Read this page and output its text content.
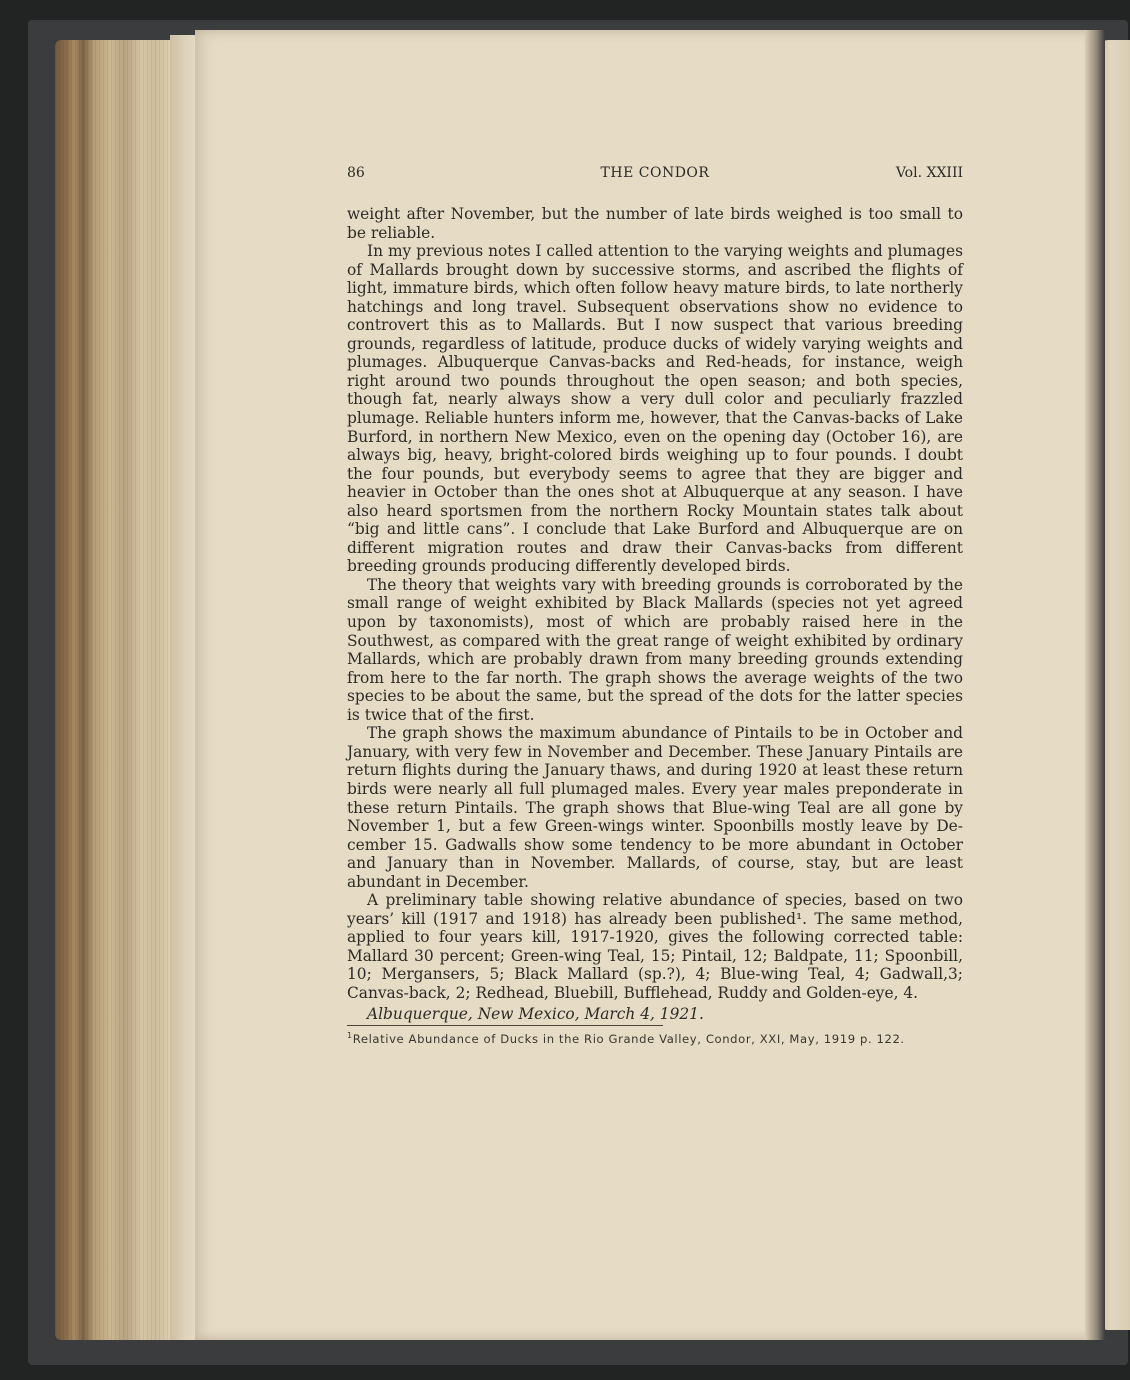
86	THE CONDOR	Vol. XXIII

weight after November, but the number of late birds weighed is too small to be reliable.

In my previous notes I called attention to the varying weights and plumages of Mallards brought down by successive storms, and ascribed the flights of light, immature birds, which often follow heavy mature birds, to late northerly hatchings and long travel. Subsequent observations show no evidence to controvert this as to Mallards. But I now suspect that various breeding grounds, regardless of latitude, produce ducks of widely varying weights and plumages. Albuquerque Canvas-backs and Red-heads, for instance, weigh right around two pounds throughout the open season; and both species, though fat, nearly always show a very dull color and peculiarly frazzled plumage. Reliable hunters inform me, however, that the Canvas-backs of Lake Burford, in northern New Mexico, even on the opening day (October 16), are always big, heavy, bright-colored birds weighing up to four pounds. I doubt the four pounds, but everybody seems to agree that they are bigger and heavier in October than the ones shot at Albuquerque at any season. I have also heard sportsmen from the northern Rocky Mountain states talk about “big and little cans”. I conclude that Lake Burford and Albuquerque are on different migration routes and draw their Canvas-backs from different breeding grounds producing differently developed birds.

The theory that weights vary with breeding grounds is corroborated by the small range of weight exhibited by Black Mallards (species not yet agreed upon by taxonomists), most of which are probably raised here in the Southwest, as compared with the great range of weight exhibited by ordinary Mallards, which are probably drawn from many breeding grounds extending from here to the far north. The graph shows the average weights of the two species to be about the same, but the spread of the dots for the latter species is twice that of the first.

The graph shows the maximum abundance of Pintails to be in October and January, with very few in November and December. These January Pintails are return flights during the January thaws, and during 1920 at least these return birds were nearly all full plumaged males. Every year males preponderate in these return Pintails. The graph shows that Blue-wing Teal are all gone by November 1, but a few Green-wings winter. Spoonbills mostly leave by December 15. Gadwalls show some tendency to be more abundant in October and January than in November. Mallards, of course, stay, but are least abundant in December.

A preliminary table showing relative abundance of species, based on two years’ kill (1917 and 1918) has already been published¹. The same method, applied to four years kill, 1917-1920, gives the following corrected table: Mallard 30 percent; Green-wing Teal, 15; Pintail, 12; Baldpate, 11; Spoonbill, 10; Mergansers, 5; Black Mallard (sp.?), 4; Blue-wing Teal, 4; Gadwall,3; Canvas-back, 2; Redhead, Bluebill, Bufflehead, Ruddy and Golden-eye, 4.

Albuquerque, New Mexico, March 4, 1921.

$^1$Relative Abundance of Ducks in the Rio Grande Valley, Condor, XXI, May, 1919 p. 122.
